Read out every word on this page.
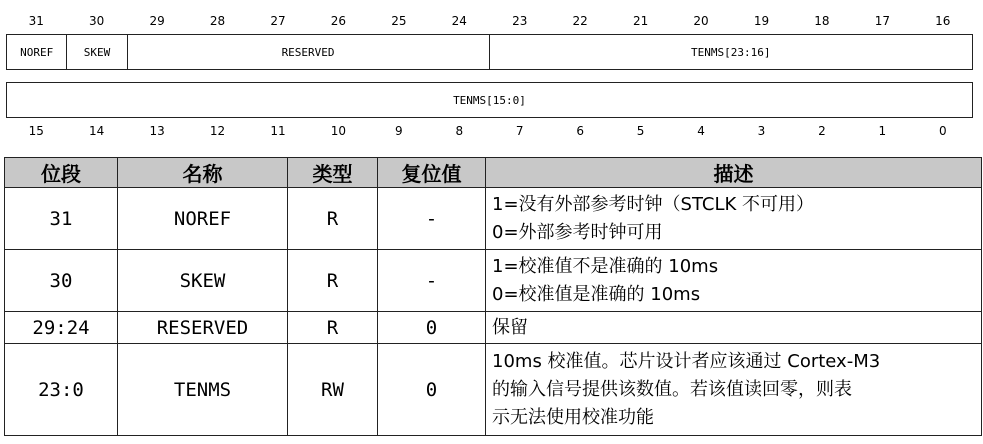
31	30	29	28	27	26	25	24	23	22	21	20	19	18	17	16
NOREF	SKEW	RESERVED	TENMS[23:16]
TENMS[15:0]
15	14	13	12	11	10	9	8	7	6	5	4	3	2	1	0
位段	名称	类型	复位值	描述
31	NOREF	R	-	1=没有外部参考时钟（STCLK 不可用）
0=外部参考时钟可用

30	SKEW	R	-	1=校准值不是准确的 10ms
0=校准值是准确的 10ms

29:24	RESERVED	R	0	保留

23:0	TENMS	RW	0	10ms 校准值。芯片设计者应该通过 Cortex-M3
的输入信号提供该数值。若该值读回零，则表
示无法使用校准功能
